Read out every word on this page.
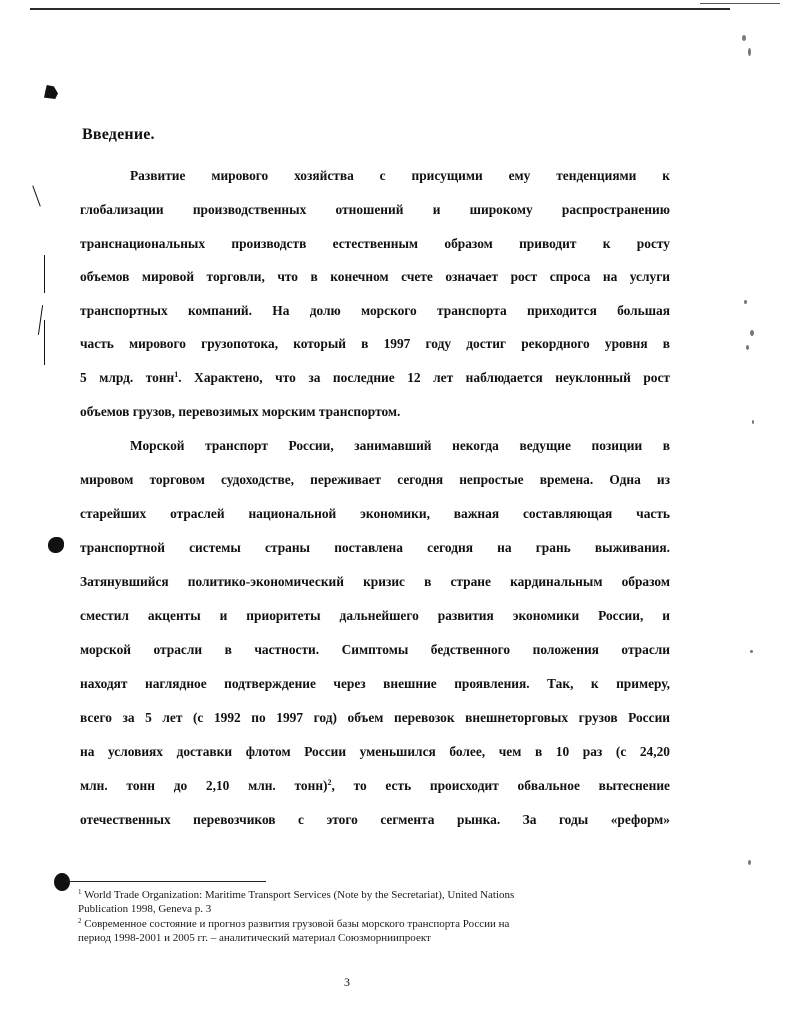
Введение.
Развитие мирового хозяйства с присущими ему тенденциями к
глобализации производственных отношений и широкому распространению
транснациональных производств естественным образом приводит к росту
объемов мировой торговли, что в конечном счете означает рост спроса на услуги
транспортных компаний. На долю морского транспорта приходится большая
часть мирового грузопотока, который в 1997 году достиг рекордного уровня в
5 млрд. тонн$^1$. Характено, что за последние 12 лет наблюдается неуклонный рост
объемов грузов, перевозимых морским транспортом.
Морской транспорт России, занимавший некогда ведущие позиции в
мировом торговом судоходстве, переживает сегодня непростые времена. Одна из
старейших отраслей национальной экономики, важная составляющая часть
транспортной системы страны поставлена сегодня на грань выживания.
Затянувшийся политико-экономический кризис в стране кардинальным образом
сместил акценты и приоритеты дальнейшего развития экономики России, и
морской отрасли в частности. Симптомы бедственного положения отрасли
находят наглядное подтверждение через внешние проявления. Так, к примеру,
всего за 5 лет (с 1992 по 1997 год) объем перевозок внешнеторговых грузов России
на условиях доставки флотом России уменьшился более, чем в 10 раз (с 24,20
млн. тонн до 2,10 млн. тонн)$^2$, то есть происходит обвальное вытеснение
отечественных перевозчиков с этого сегмента рынка. За годы «реформ»
$^1$ World Trade Organization: Maritime Transport Services (Note by the Secretariat), United Nations
Publication 1998, Geneva p. 3
$^2$ Современное состояние и прогноз развития грузовой базы морского транспорта России на
период 1998-2001 и 2005 гг. – аналитический материал Союзморниипроект
3
